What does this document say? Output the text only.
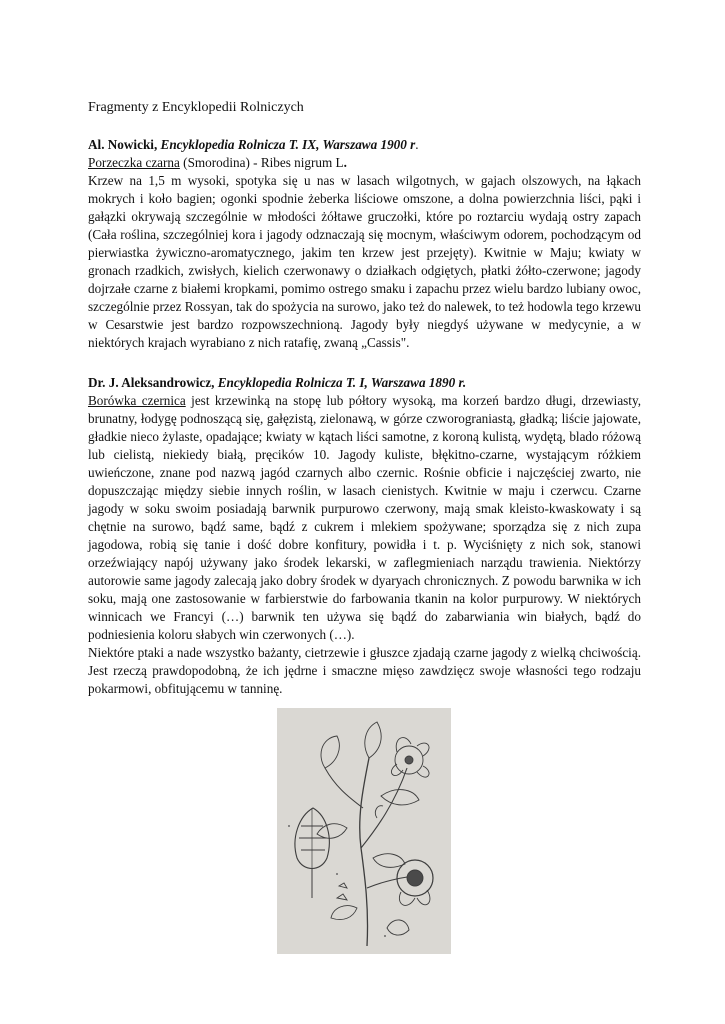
Fragmenty z Encyklopedii Rolniczych

Al. Nowicki, Encyklopedia Rolnicza T. IX, Warszawa 1900 r.

Porzeczka czarna (Smorodina) - Ribes nigrum L.

Krzew na 1,5 m wysoki, spotyka się u nas w lasach wilgotnych, w gajach olszowych, na łąkach mokrych i koło bagien; ogonki spodnie żeberka liściowe omszone, a dolna powierzchnia liści, pąki i gałązki okrywają szczególnie w młodości żółtawe gruczołki, które po roztarciu wydają ostry zapach (Cała roślina, szczególniej kora i jagody odznaczają się mocnym, właściwym odorem, pochodzącym od pierwiastka żywiczno-aromatycznego, jakim ten krzew jest przejęty). Kwitnie w Maju; kwiaty w gronach rzadkich, zwisłych, kielich czerwonawy o działkach odgiętych, płatki żółto-czerwone; jagody dojrzałe czarne z białemi kropkami, pomimo ostrego smaku i zapachu przez wielu bardzo lubiany owoc, szczególnie przez Rossyan, tak do spożycia na surowo, jako też do nalewek, to też hodowla tego krzewu w Cesarstwie jest bardzo rozpowszechnioną. Jagody były niegdyś używane w medycynie, a w niektórych krajach wyrabiano z nich ratafię, zwaną „Cassis".

Dr. J. Aleksandrowicz, Encyklopedia Rolnicza T. I, Warszawa 1890 r.

Borówka czernica jest krzewinką na stopę lub półtory wysoką, ma korzeń bardzo długi, drzewiasty, brunatny, łodygę podnoszącą się, gałęzistą, zielonawą, w górze czworograniastą, gładką; liście jajowate, gładkie nieco żylaste, opadające; kwiaty w kątach liści samotne, z koroną kulistą, wydętą, blado różową lub cielistą, niekiedy białą, pręcików 10. Jagody kuliste, błękitno-czarne, wystającym różkiem uwieńczone, znane pod nazwą jagód czarnych albo czernic. Rośnie obficie i najczęściej zwarto, nie dopuszczając między siebie innych roślin, w lasach cienistych. Kwitnie w maju i czerwcu. Czarne jagody w soku swoim posiadają barwnik purpurowo czerwony, mają smak kleisto-kwaskowaty i są chętnie na surowo, bądź same, bądź z cukrem i mlekiem spożywane; sporządza się z nich zupa jagodowa, robią się tanie i dość dobre konfitury, powidła i t. p. Wyciśnięty z nich sok, stanowi orzeźwiający napój używany jako środek lekarski, w zaflegmieniach narządu trawienia. Niektórzy autorowie same jagody zalecają jako dobry środek w dyaryach chronicznych. Z powodu barwnika w ich soku, mają one zastosowanie w farbierstwie do farbowania tkanin na kolor purpurowy. W niektórych winnicach we Francyi (…) barwnik ten używa się bądź do zabarwiania win białych, bądź do podniesienia koloru słabych win czerwonych (…).

Niektóre ptaki a nade wszystko bażanty, cietrzewie i głuszce zjadają czarne jagody z wielką chciwością. Jest rzeczą prawdopodobną, że ich jędrne i smaczne mięso zawdzięcz swoje własności tego rodzaju pokarmowi, obfitującemu w tanninę.
